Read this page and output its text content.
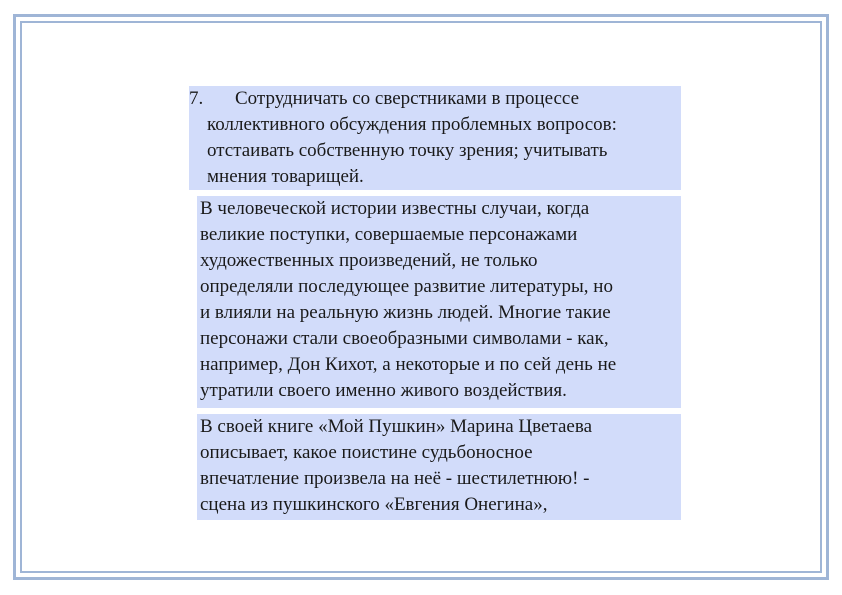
7. Сотрудничать со сверстниками в процессе
коллективного обсуждения проблемных вопросов:
отстаивать собственную точку зрения; учитывать
мнения товарищей.
В человеческой истории известны случаи, когда
великие поступки, совершаемые персонажами
художественных произведений, не только
определяли последующее развитие литературы, но
и влияли на реальную жизнь людей. Многие такие
персонажи стали своеобразными символами - как,
например, Дон Кихот, а некоторые и по сей день не
утратили своего именно живого воздействия.
В своей книге «Мой Пушкин» Марина Цветаева
описывает, какое поистине судьбоносное
впечатление произвела на неё - шестилетнюю! -
сцена из пушкинского «Евгения Онегина»,
